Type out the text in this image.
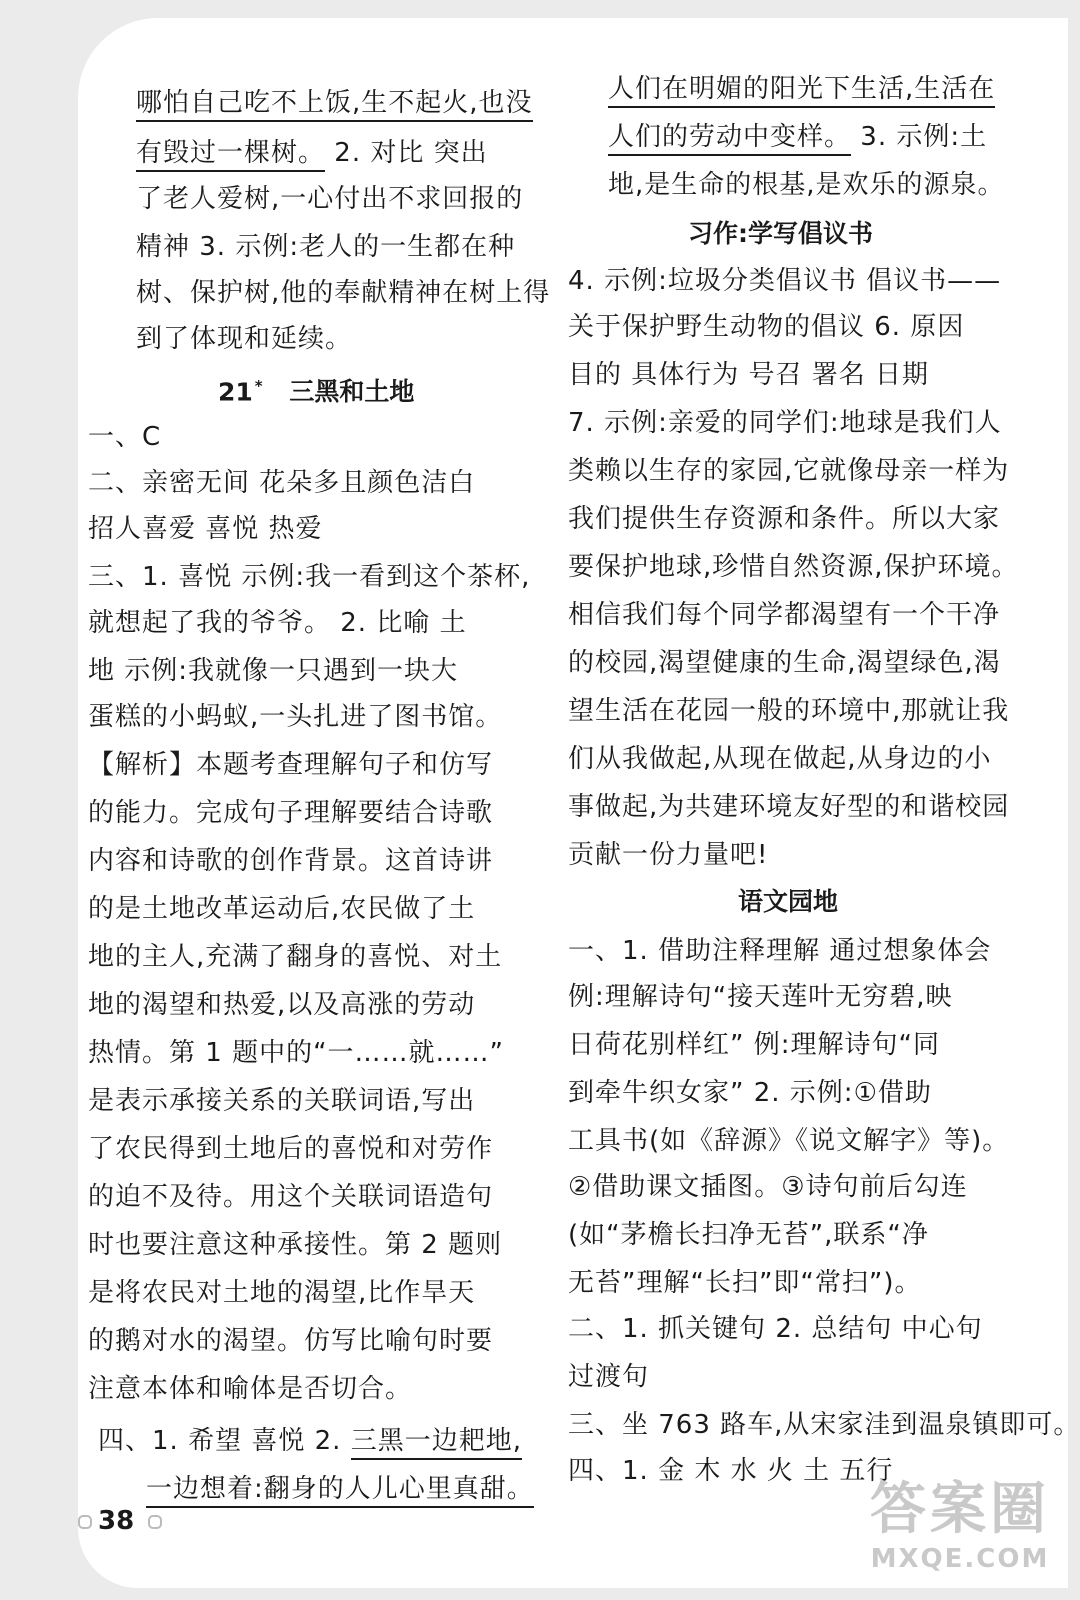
哪怕自己吃不上饭,生不起火,也没
有毁过一棵树。 2. 对比 突出
了老人爱树,一心付出不求回报的
精神 3. 示例:老人的一生都在种
树、保护树,他的奉献精神在树上得
到了体现和延续。
21 * 三黑和土地
一、C
二、亲密无间 花朵多且颜色洁白
招人喜爱 喜悦 热爱
三、1. 喜悦 示例:我一看到这个茶杯,
就想起了我的爷爷。 2. 比喻 土
地 示例:我就像一只遇到一块大
蛋糕的小蚂蚁,一头扎进了图书馆。
【解析】本题考查理解句子和仿写
的能力。完成句子理解要结合诗歌
内容和诗歌的创作背景。这首诗讲
的是土地改革运动后,农民做了土
地的主人,充满了翻身的喜悦、对土
地的渴望和热爱,以及高涨的劳动
热情。第 1 题中的“一……就……”
是表示承接关系的关联词语,写出
了农民得到土地后的喜悦和对劳作
的迫不及待。用这个关联词语造句
时也要注意这种承接性。第 2 题则
是将农民对土地的渴望,比作旱天
的鹅对水的渴望。仿写比喻句时要
注意本体和喻体是否切合。
四、1. 希望 喜悦 2. 三黑一边耙地,
一边想着:翻身的人儿心里真甜。
人们在明媚的阳光下生活,生活在
人们的劳动中变样。 3. 示例:土
地,是生命的根基,是欢乐的源泉。
习作:学写倡议书
4. 示例:垃圾分类倡议书 倡议书——
关于保护野生动物的倡议 6. 原因
目的 具体行为 号召 署名 日期
7. 示例:亲爱的同学们:地球是我们人
类赖以生存的家园,它就像母亲一样为
我们提供生存资源和条件。所以大家
要保护地球,珍惜自然资源,保护环境。
相信我们每个同学都渴望有一个干净
的校园,渴望健康的生命,渴望绿色,渴
望生活在花园一般的环境中,那就让我
们从我做起,从现在做起,从身边的小
事做起,为共建环境友好型的和谐校园
贡献一份力量吧!
语文园地
一、1. 借助注释理解 通过想象体会
例:理解诗句“接天莲叶无穷碧,映
日荷花别样红” 例:理解诗句“同
到牵牛织女家” 2. 示例:①借助
工具书(如《辞源》《说文解字》等)。
②借助课文插图。③诗句前后勾连
(如“茅檐长扫净无苔”,联系“净
无苔”理解“长扫”即“常扫”)。
二、1. 抓关键句 2. 总结句 中心句
过渡句
三、坐 763 路车,从宋家洼到温泉镇即可。
四、1. 金 木 水 火 土 五行
38	答案圈
MXQE.COM
